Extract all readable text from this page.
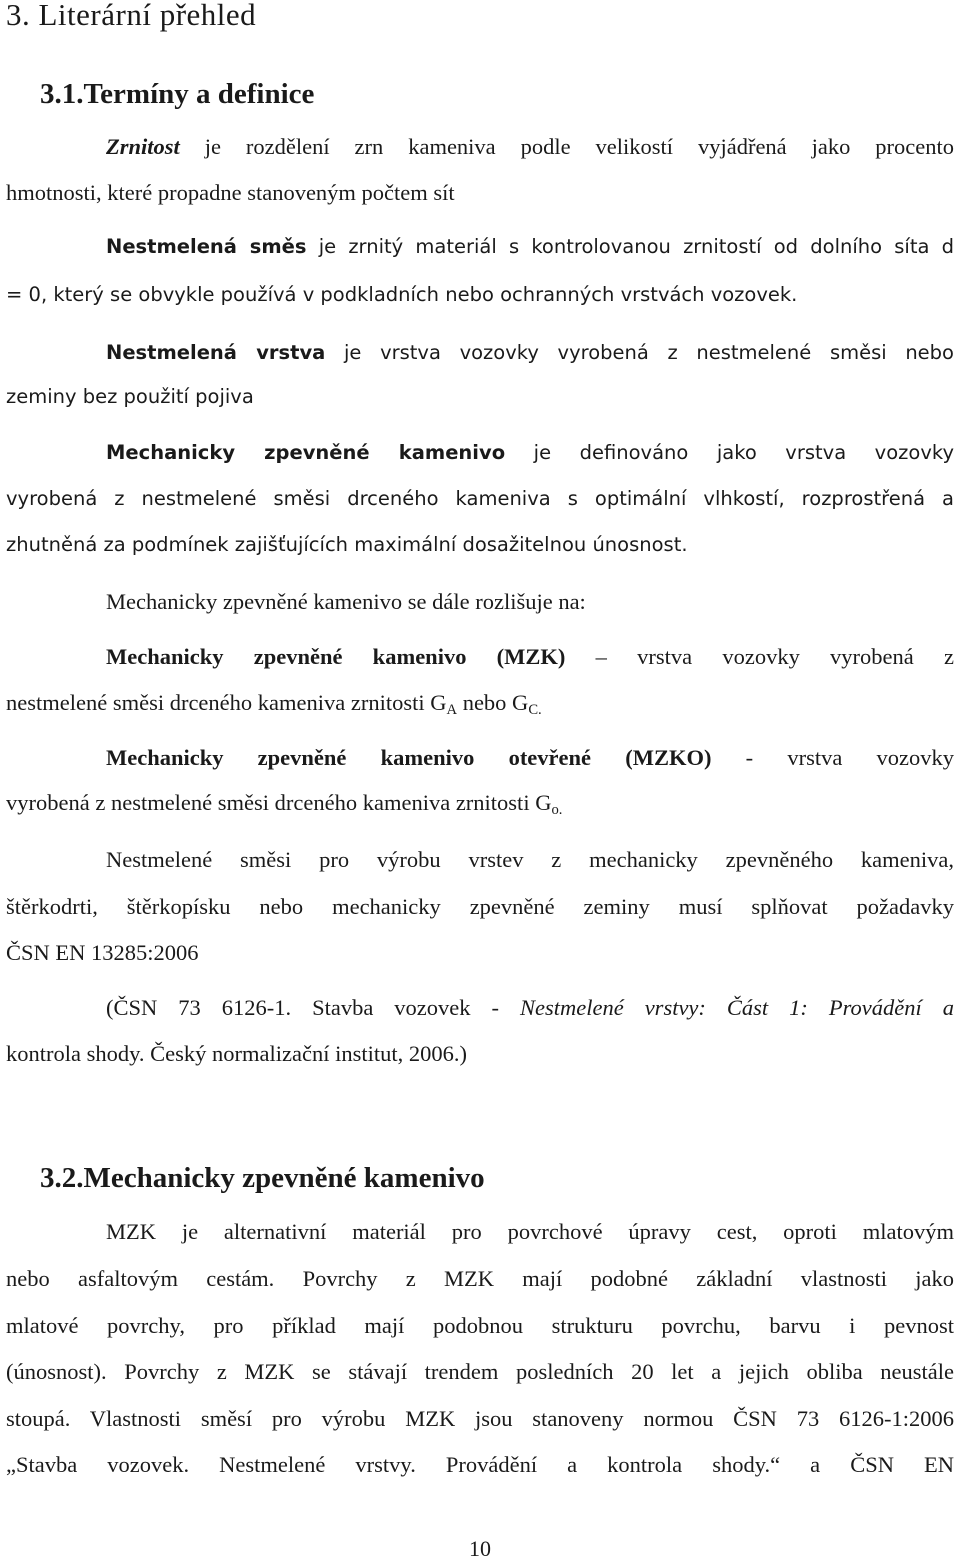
3. Literární přehled
3.1.Termíny a definice
Zrnitost je rozdělení zrn kameniva podle velikostí vyjádřená jako procento
hmotnosti, které propadne stanoveným počtem sít
Nestmelená směs je zrnitý materiál s kontrolovanou zrnitostí od dolního síta d
= 0, který se obvykle používá v podkladních nebo ochranných vrstvách vozovek.
Nestmelená vrstva je vrstva vozovky vyrobená z nestmelené směsi nebo
zeminy bez použití pojiva
Mechanicky zpevněné kamenivo je definováno jako vrstva vozovky
vyrobená z nestmelené směsi drceného kameniva s optimální vlhkostí, rozprostřená a
zhutněná za podmínek zajišťujících maximální dosažitelnou únosnost.
Mechanicky zpevněné kamenivo se dále rozlišuje na:
Mechanicky zpevněné kamenivo (MZK) – vrstva vozovky vyrobená z
nestmelené směsi drceného kameniva zrnitosti $G_A$ nebo $G_{C.}$
Mechanicky zpevněné kamenivo otevřené (MZKO) - vrstva vozovky
vyrobená z nestmelené směsi drceného kameniva zrnitosti $G_{o.}$
Nestmelené směsi pro výrobu vrstev z mechanicky zpevněného kameniva,
štěrkodrti, štěrkopísku nebo mechanicky zpevněné zeminy musí splňovat požadavky
ČSN EN 13285:2006
(ČSN 73 6126-1. Stavba vozovek - Nestmelené vrstvy: Část 1: Provádění a
kontrola shody. Český normalizační institut, 2006.)
3.2.Mechanicky zpevněné kamenivo
MZK je alternativní materiál pro povrchové úpravy cest, oproti mlatovým
nebo asfaltovým cestám. Povrchy z MZK mají podobné základní vlastnosti jako
mlatové povrchy, pro příklad mají podobnou strukturu povrchu, barvu i pevnost
(únosnost). Povrchy z MZK se stávají trendem posledních 20 let a jejich obliba neustále
stoupá. Vlastnosti směsí pro výrobu MZK jsou stanoveny normou ČSN 73 6126-1:2006
„Stavba vozovek. Nestmelené vrstvy. Provádění a kontrola shody.“ a ČSN EN
10
